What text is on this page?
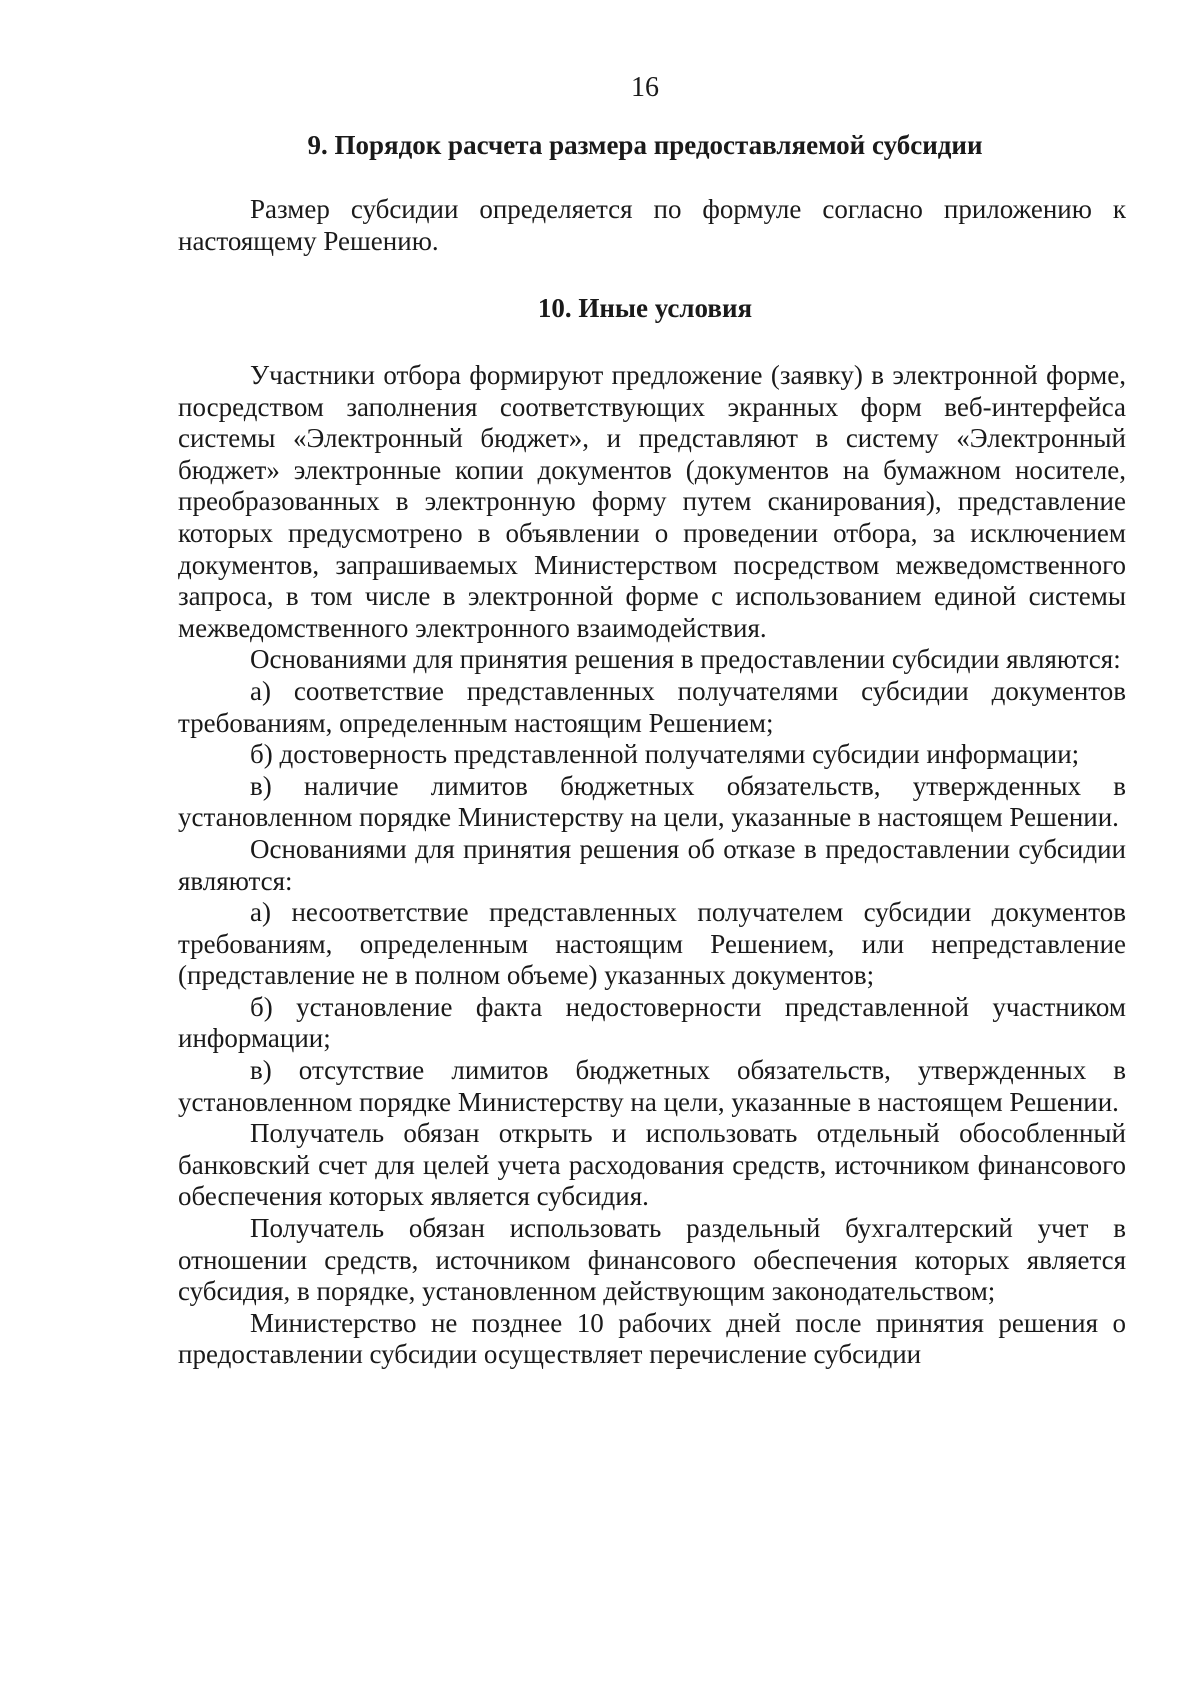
16
9. Порядок расчета размера предоставляемой субсидии

Размер субсидии определяется по формуле согласно приложению к настоящему Решению.

10. Иные условия

Участники отбора формируют предложение (заявку) в электронной форме, посредством заполнения соответствующих экранных форм веб-интерфейса системы «Электронный бюджет», и представляют в систему «Электронный бюджет» электронные копии документов (документов на бумажном носителе, преобразованных в электронную форму путем сканирования), представление которых предусмотрено в объявлении о проведении отбора, за исключением документов, запрашиваемых Министерством посредством межведомственного запроса, в том числе в электронной форме с использованием единой системы межведомственного электронного взаимодействия.

Основаниями для принятия решения в предоставлении субсидии являются:

а) соответствие представленных получателями субсидии документов требованиям, определенным настоящим Решением;

б) достоверность представленной получателями субсидии информации;

в) наличие лимитов бюджетных обязательств, утвержденных в установленном порядке Министерству на цели, указанные в настоящем Решении.

Основаниями для принятия решения об отказе в предоставлении субсидии являются:

а) несоответствие представленных получателем субсидии документов требованиям, определенным настоящим Решением, или непредставление (представление не в полном объеме) указанных документов;

б) установление факта недостоверности представленной участником информации;

в) отсутствие лимитов бюджетных обязательств, утвержденных в установленном порядке Министерству на цели, указанные в настоящем Решении.

Получатель обязан открыть и использовать отдельный обособленный банковский счет для целей учета расходования средств, источником финансового обеспечения которых является субсидия.

Получатель обязан использовать раздельный бухгалтерский учет в отношении средств, источником финансового обеспечения которых является субсидия, в порядке, установленном действующим законодательством;

Министерство не позднее 10 рабочих дней после принятия решения о предоставлении субсидии осуществляет перечисление субсидии
